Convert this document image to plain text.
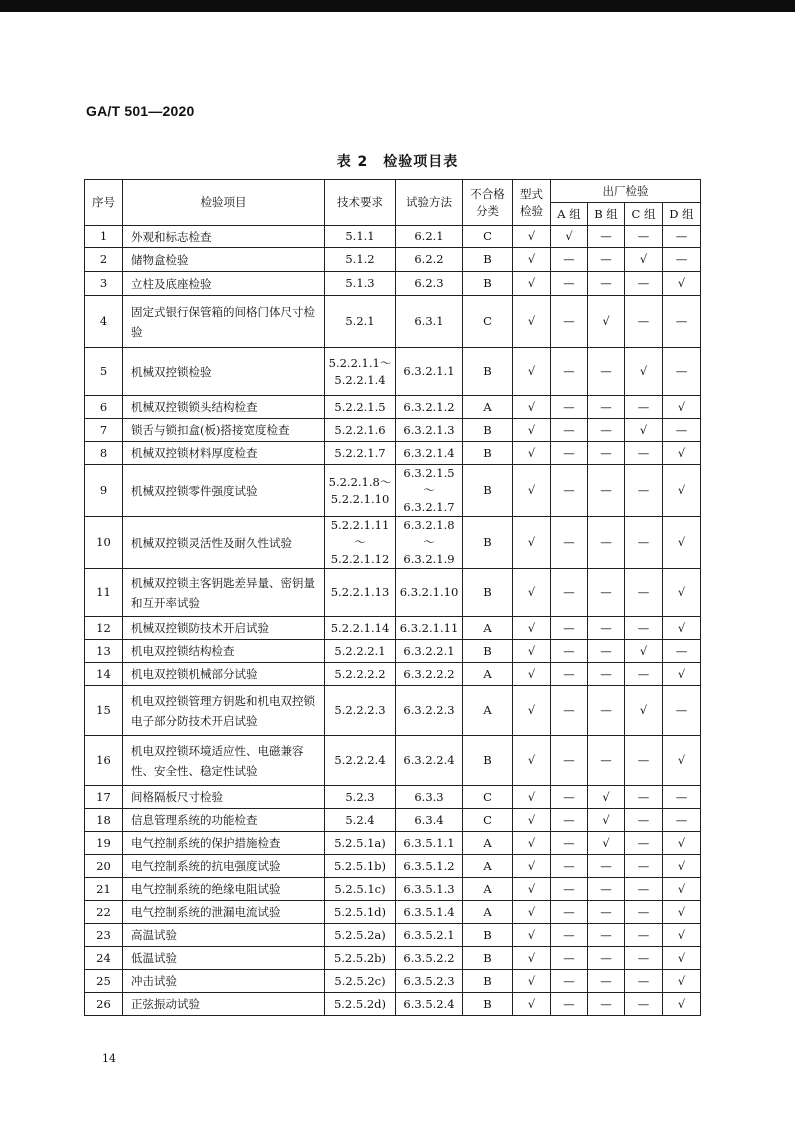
GA/T 501—2020
表 2　检验项目表
序号	检验项目	技术要求	试验方法	不合格分类	型式检验	出厂检验			
						A 组	B 组	C 组	D 组
1	外观和标志检查	5.1.1	6.2.1	C	√	√	—	—	—
2	储物盒检验	5.1.2	6.2.2	B	√	—	—	√	—
3	立柱及底座检验	5.1.3	6.2.3	B	√	—	—	—	√
4	固定式银行保管箱的间格门体尺寸检验	5.2.1	6.3.1	C	√	—	√	—	—
5	机械双控锁检验	5.2.2.1.1～5.2.2.1.4	6.3.2.1.1	B	√	—	—	√	—
6	机械双控锁锁头结构检查	5.2.2.1.5	6.3.2.1.2	A	√	—	—	—	√
7	锁舌与锁扣盒(板)搭接宽度检查	5.2.2.1.6	6.3.2.1.3	B	√	—	—	√	—
8	机械双控锁材料厚度检查	5.2.2.1.7	6.3.2.1.4	B	√	—	—	—	√
9	机械双控锁零件强度试验	5.2.2.1.8～5.2.2.1.10	6.3.2.1.5～6.3.2.1.7	B	√	—	—	—	√
10	机械双控锁灵活性及耐久性试验	5.2.2.1.11～5.2.2.1.12	6.3.2.1.8～6.3.2.1.9	B	√	—	—	—	√
11	机械双控锁主客钥匙差异量、密钥量和互开率试验	5.2.2.1.13	6.3.2.1.10	B	√	—	—	—	√
12	机械双控锁防技术开启试验	5.2.2.1.14	6.3.2.1.11	A	√	—	—	—	√
13	机电双控锁结构检查	5.2.2.2.1	6.3.2.2.1	B	√	—	—	√	—
14	机电双控锁机械部分试验	5.2.2.2.2	6.3.2.2.2	A	√	—	—	—	√
15	机电双控锁管理方钥匙和机电双控锁电子部分防技术开启试验	5.2.2.2.3	6.3.2.2.3	A	√	—	—	√	—
16	机电双控锁环境适应性、电磁兼容性、安全性、稳定性试验	5.2.2.2.4	6.3.2.2.4	B	√	—	—	—	√
17	间格隔板尺寸检验	5.2.3	6.3.3	C	√	—	√	—	—
18	信息管理系统的功能检查	5.2.4	6.3.4	C	√	—	√	—	—
19	电气控制系统的保护措施检查	5.2.5.1a)	6.3.5.1.1	A	√	—	√	—	√
20	电气控制系统的抗电强度试验	5.2.5.1b)	6.3.5.1.2	A	√	—	—	—	√
21	电气控制系统的绝缘电阻试验	5.2.5.1c)	6.3.5.1.3	A	√	—	—	—	√
22	电气控制系统的泄漏电流试验	5.2.5.1d)	6.3.5.1.4	A	√	—	—	—	√
23	高温试验	5.2.5.2a)	6.3.5.2.1	B	√	—	—	—	√
24	低温试验	5.2.5.2b)	6.3.5.2.2	B	√	—	—	—	√
25	冲击试验	5.2.5.2c)	6.3.5.2.3	B	√	—	—	—	√
26	正弦振动试验	5.2.5.2d)	6.3.5.2.4	B	√	—	—	—	√
14
